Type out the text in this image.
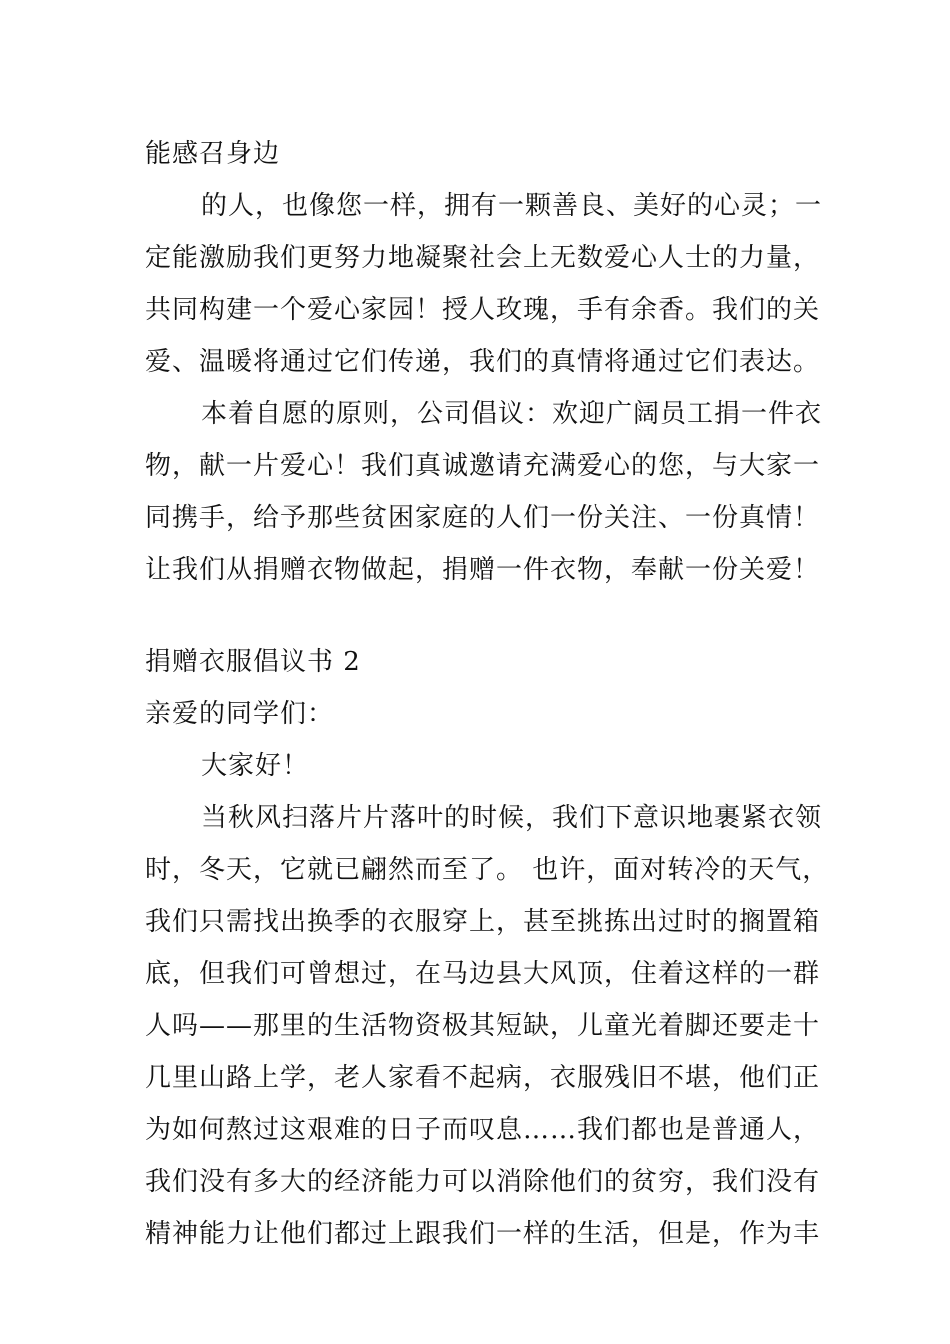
能感召身边
的人，也像您一样，拥有一颗善良、美好的心灵；一
定能激励我们更努力地凝聚社会上无数爱心人士的力量，
共同构建一个爱心家园！授人玫瑰，手有余香。我们的关
爱、温暖将通过它们传递，我们的真情将通过它们表达。
本着自愿的原则，公司倡议：欢迎广阔员工捐一件衣
物，献一片爱心！我们真诚邀请充满爱心的您，与大家一
同携手，给予那些贫困家庭的人们一份关注、一份真情！
让我们从捐赠衣物做起，捐赠一件衣物，奉献一份关爱！
捐赠衣服倡议书 2
亲爱的同学们：
大家好！
当秋风扫落片片落叶的时候，我们下意识地裹紧衣领
时，冬天，它就已翩然而至了。 也许，面对转冷的天气，
我们只需找出换季的衣服穿上，甚至挑拣出过时的搁置箱
底，但我们可曾想过，在马边县大风顶，住着这样的一群
人吗——那里的生活物资极其短缺，儿童光着脚还要走十
几里山路上学，老人家看不起病，衣服残旧不堪，他们正
为如何熬过这艰难的日子而叹息……我们都也是普通人，
我们没有多大的经济能力可以消除他们的贫穷，我们没有
精神能力让他们都过上跟我们一样的生活，但是，作为丰
